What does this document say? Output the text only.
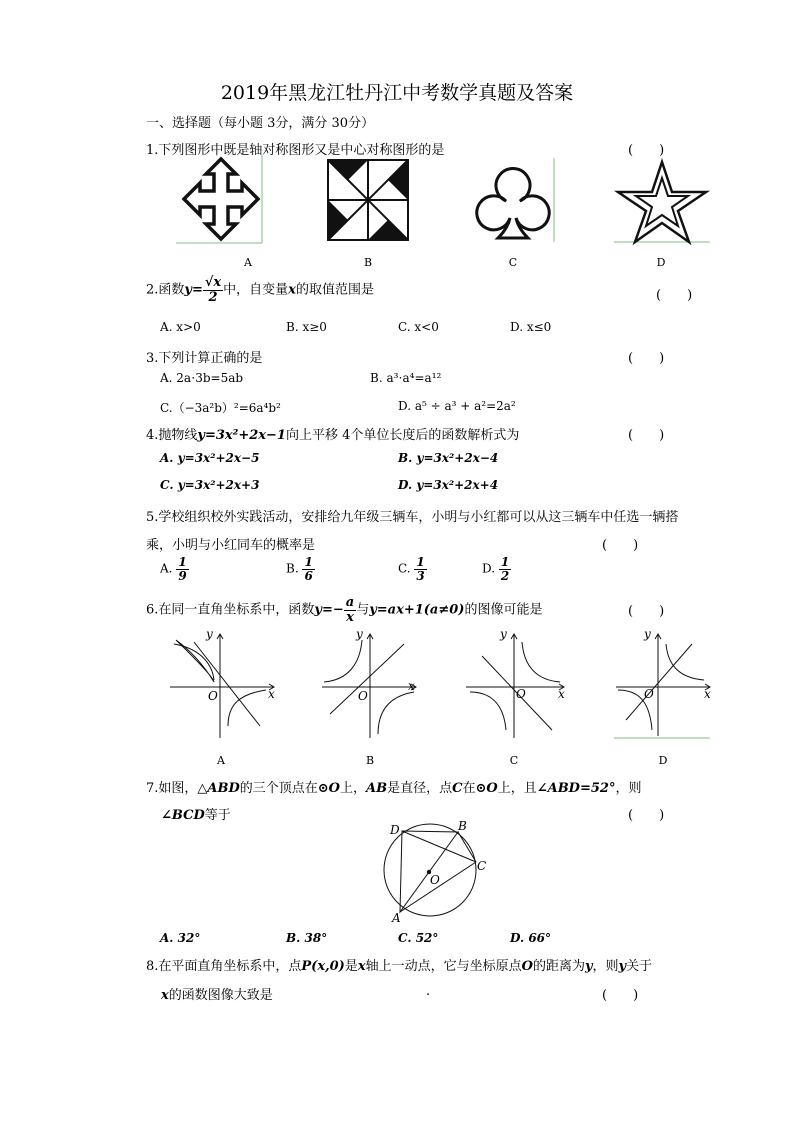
2019年黑龙江牡丹江中考数学真题及答案
一、选择题（每小题 3分，满分 30分）
1.下列图形中既是轴对称图形又是中心对称图形的是	(　　)
A	B	C	D
2.函数$y= \frac{√x}{2}$ 中，自变量x的取值范围是	(　　)
A. x>0	B. x≥0	C. x<0	D. x≤0
3.下列计算正确的是	(　　)
A. 2a⋅3b=5ab	B. a³⋅a⁴=a¹²
C.（−3a²b）²=6a⁴b²	D. a⁵ ÷ a³ + a²=2a²
4.抛物线y=3x²+2x−1向上平移 4个单位长度后的函数解析式为	(　　)
A. y=3x²+2x−5	B. y=3x²+2x−4
C. y=3x²+2x+3	D. y=3x²+2x+4
5.学校组织校外实践活动，安排给九年级三辆车，小明与小红都可以从这三辆车中任选一辆搭
乘，小明与小红同车的概率是	(　　)
A. $\frac{1}{9}$	B. $\frac{1}{6}$	C. $\frac{1}{3}$	D. $\frac{1}{2}$
6.在同一直角坐标系中，函数$y=- \frac{a}{x}$ 与y=ax+1(a≠0)的图像可能是	(　　)
y
x
O
y
x
O
y
x
O
y
x
O
A	B	C	D
7.如图，△ABD的三个顶点在⊙O上，AB是直径，点C在⊙O上，且∠ABD=52°，则
∠BCD等于	(　　)
D	B
C
O
A
A. 32°	B. 38°	C. 52°	D. 66°
8.在平面直角坐标系中，点P(x,0)是x轴上一动点，它与坐标原点O的距离为y，则y关于
x的函数图像大致是	.	(　　)
